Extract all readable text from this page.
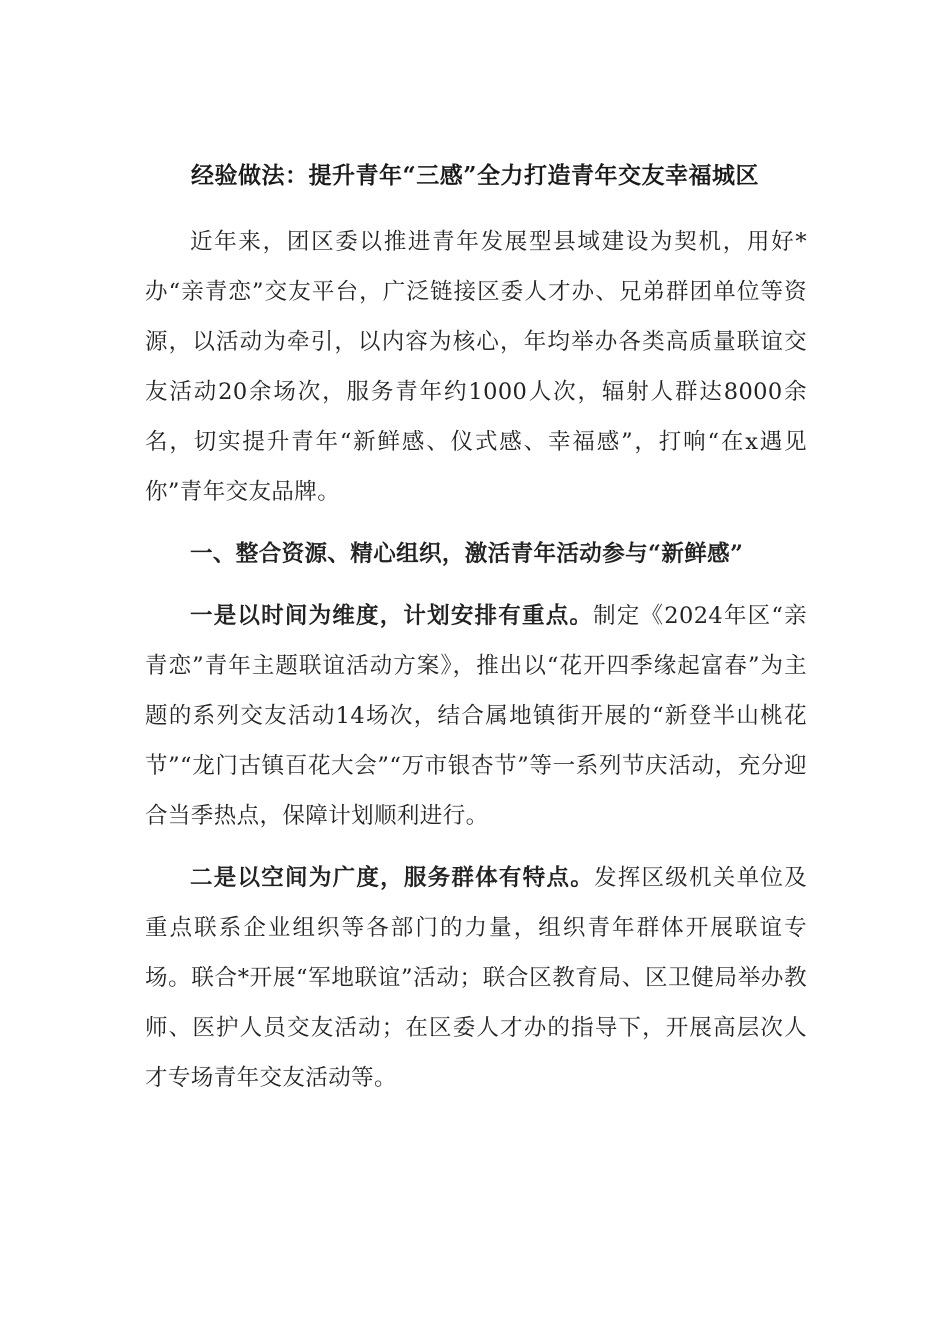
经验做法：提升青年“三感”全力打造青年交友幸福城区

近年来，团区委以推进青年发展型县域建设为契机，用好*办“亲青恋”交友平台，广泛链接区委人才办、兄弟群团单位等资源，以活动为牵引，以内容为核心，年均举办各类高质量联谊交友活动20余场次，服务青年约1000人次，辐射人群达8000余名，切实提升青年“新鲜感、仪式感、幸福感”，打响“在x遇见你”青年交友品牌。

一、整合资源、精心组织，激活青年活动参与“新鲜感”

一是以时间为维度，计划安排有重点。制定《2024年区“亲青恋”青年主题联谊活动方案》，推出以“花开四季缘起富春”为主题的系列交友活动14场次，结合属地镇街开展的“新登半山桃花节”“龙门古镇百花大会”“万市银杏节”等一系列节庆活动，充分迎合当季热点，保障计划顺利进行。

二是以空间为广度，服务群体有特点。发挥区级机关单位及重点联系企业组织等各部门的力量，组织青年群体开展联谊专场。联合*开展“军地联谊”活动；联合区教育局、区卫健局举办教师、医护人员交友活动；在区委人才办的指导下，开展高层次人才专场青年交友活动等。
